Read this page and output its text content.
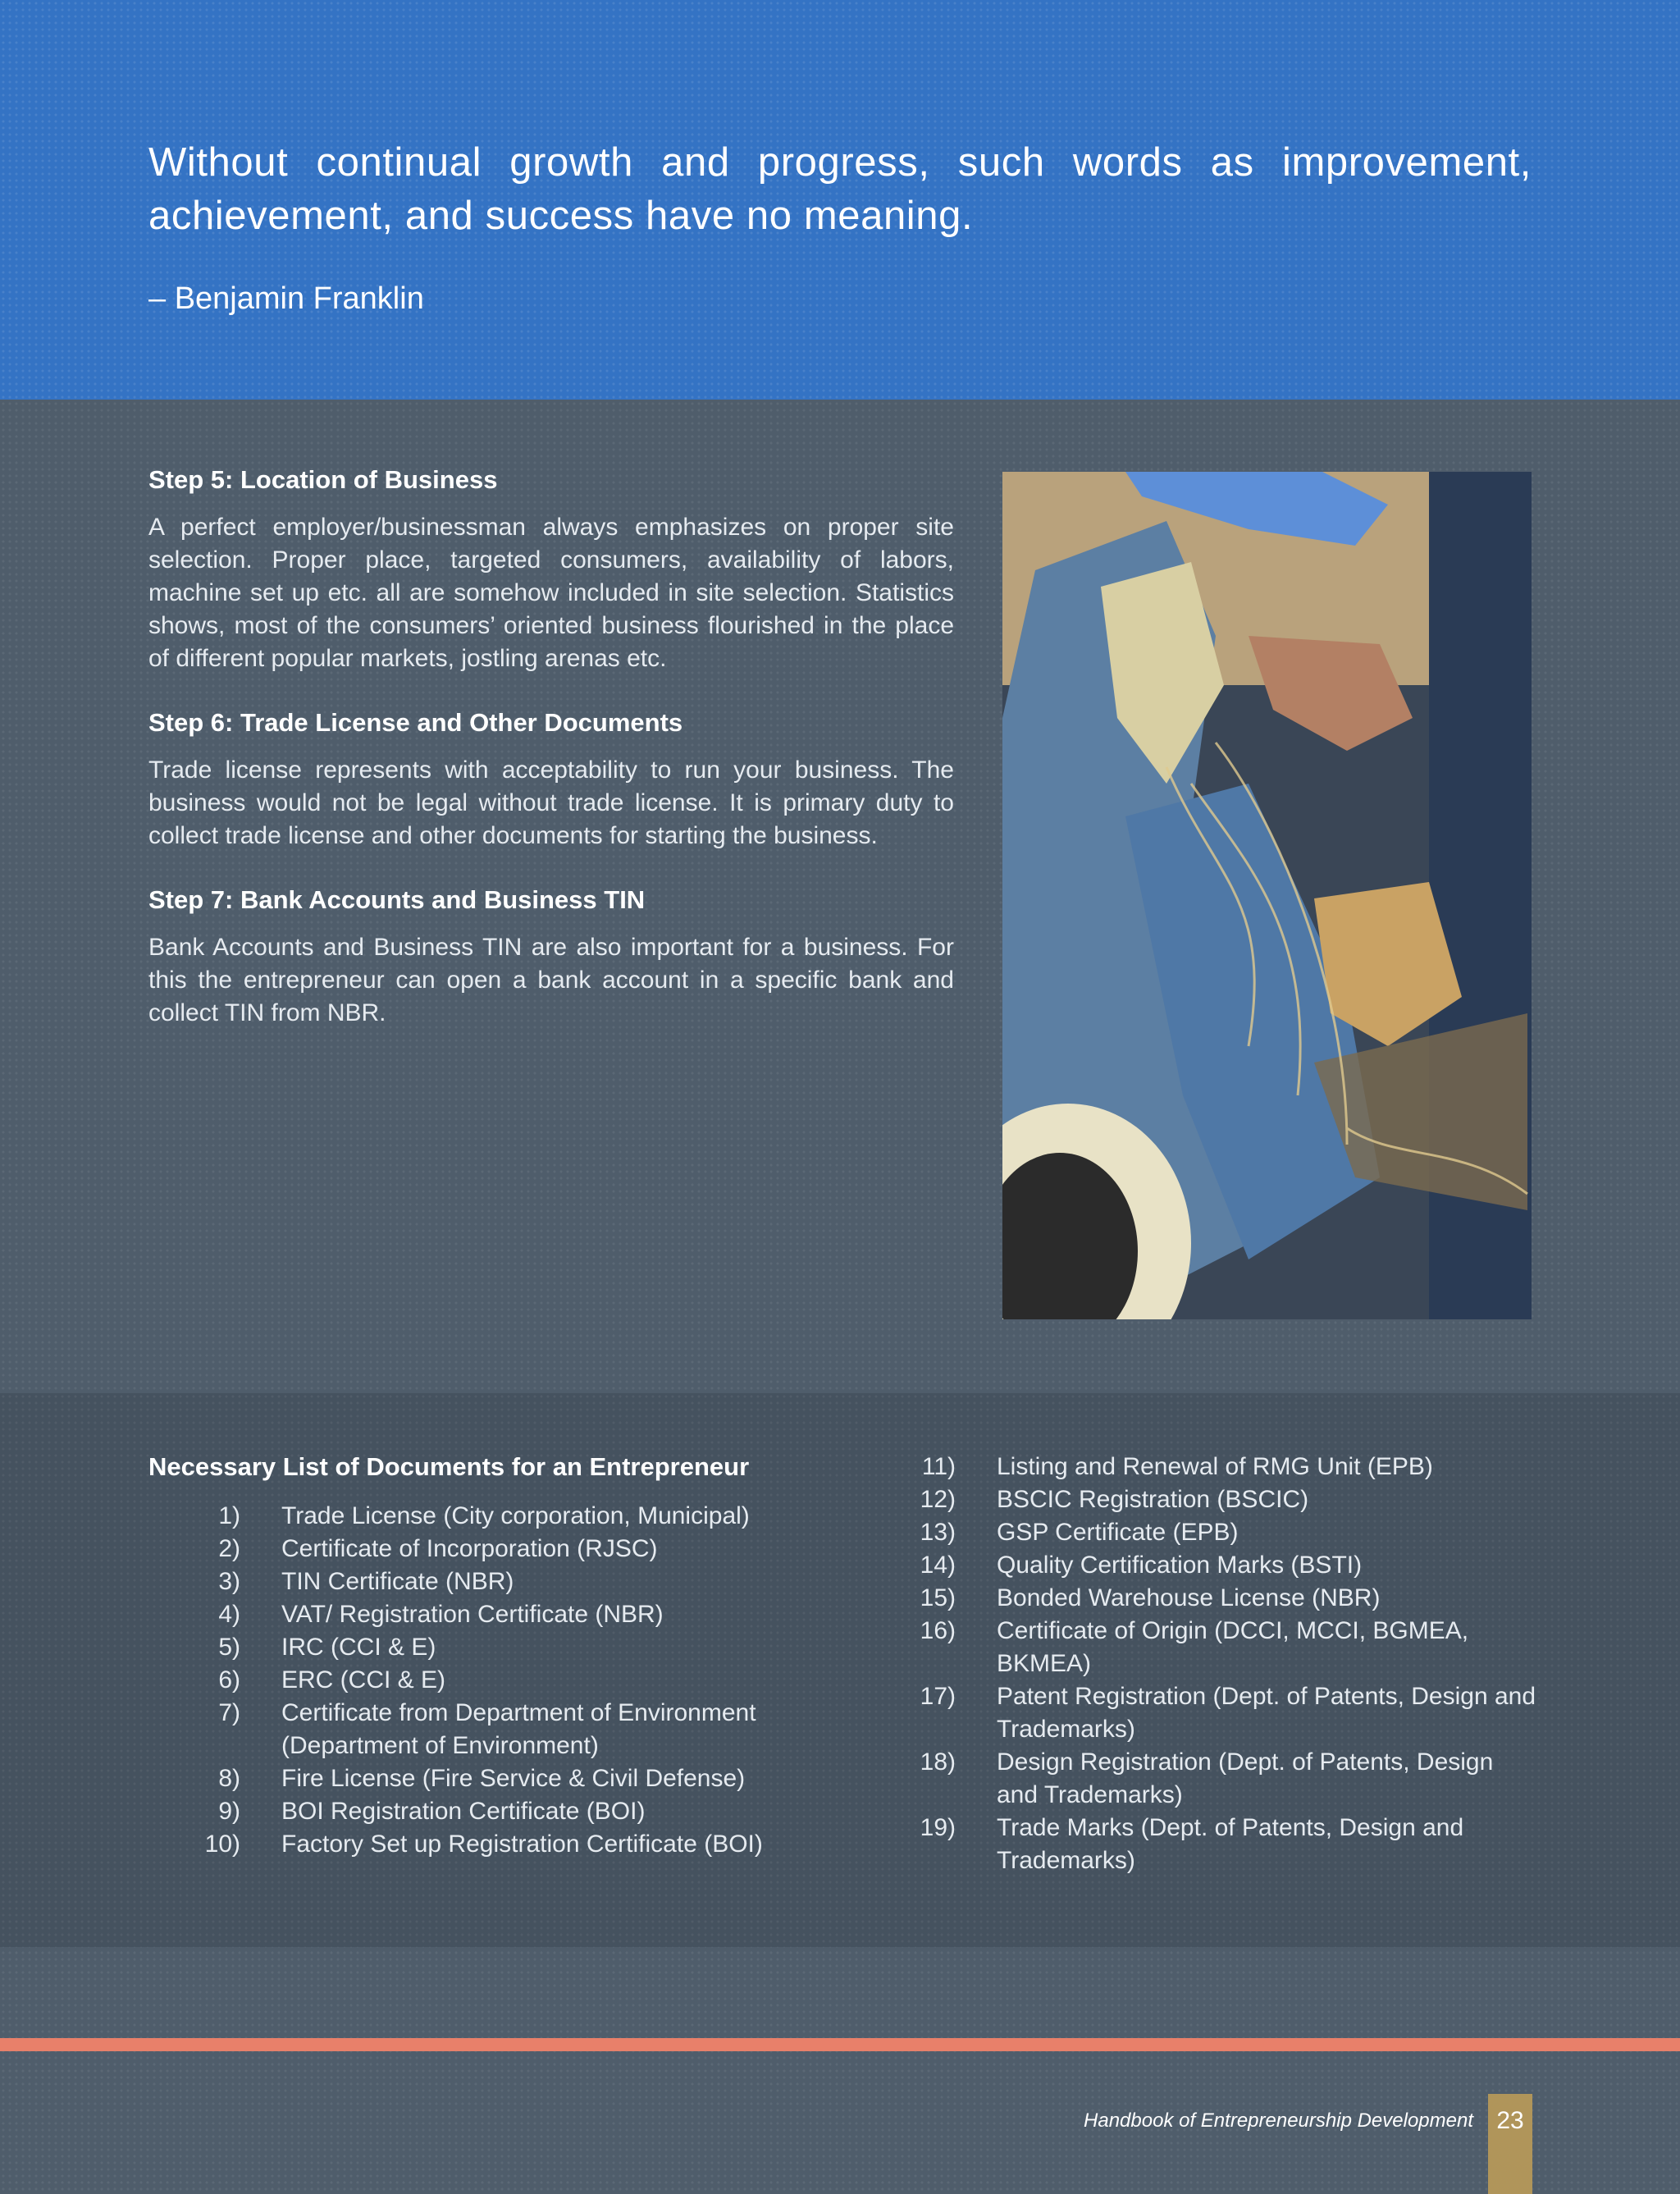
Without continual growth and progress, such words as improvement, achievement, and success have no meaning.
– Benjamin Franklin
Step 5: Location of Business
A perfect employer/businessman always emphasizes on proper site selection. Proper place, targeted consumers, availability of labors, machine set up etc. all are somehow included in site selection. Statistics shows, most of the consumers’ oriented business flourished in the place of different popular markets, jostling arenas etc.
Step 6: Trade License and Other Documents
Trade license represents with acceptability to run your business. The business would not be legal without trade license. It is primary duty to collect trade license and other documents for starting the business.
Step 7: Bank Accounts and Business TIN
Bank Accounts and Business TIN are also important for a business. For this the entrepreneur can open a bank account in a specific bank and collect TIN from NBR.
Necessary List of Documents for an Entrepreneur
1)	Trade License (City corporation, Municipal)
2)	Certificate of Incorporation (RJSC)
3)	TIN Certificate (NBR)
4)	VAT/ Registration Certificate (NBR)
5)	IRC (CCI & E)
6)	ERC (CCI & E)
7)	Certificate from Department of Environment (Department of Environment)
8)	Fire License (Fire Service & Civil Defense)
9)	BOI Registration Certificate (BOI)
10)	Factory Set up Registration Certificate (BOI)
11)	Listing and Renewal of RMG Unit (EPB)
12)	BSCIC Registration (BSCIC)
13)	GSP Certificate (EPB)
14)	Quality Certification Marks (BSTI)
15)	Bonded Warehouse License (NBR)
16)	Certificate of Origin (DCCI, MCCI, BGMEA, BKMEA)
17)	Patent Registration (Dept. of Patents, Design and Trademarks)
18)	Design Registration (Dept. of Patents, Design and Trademarks)
19)	Trade Marks (Dept. of Patents, Design and Trademarks)
Handbook of Entrepreneurship Development 23
